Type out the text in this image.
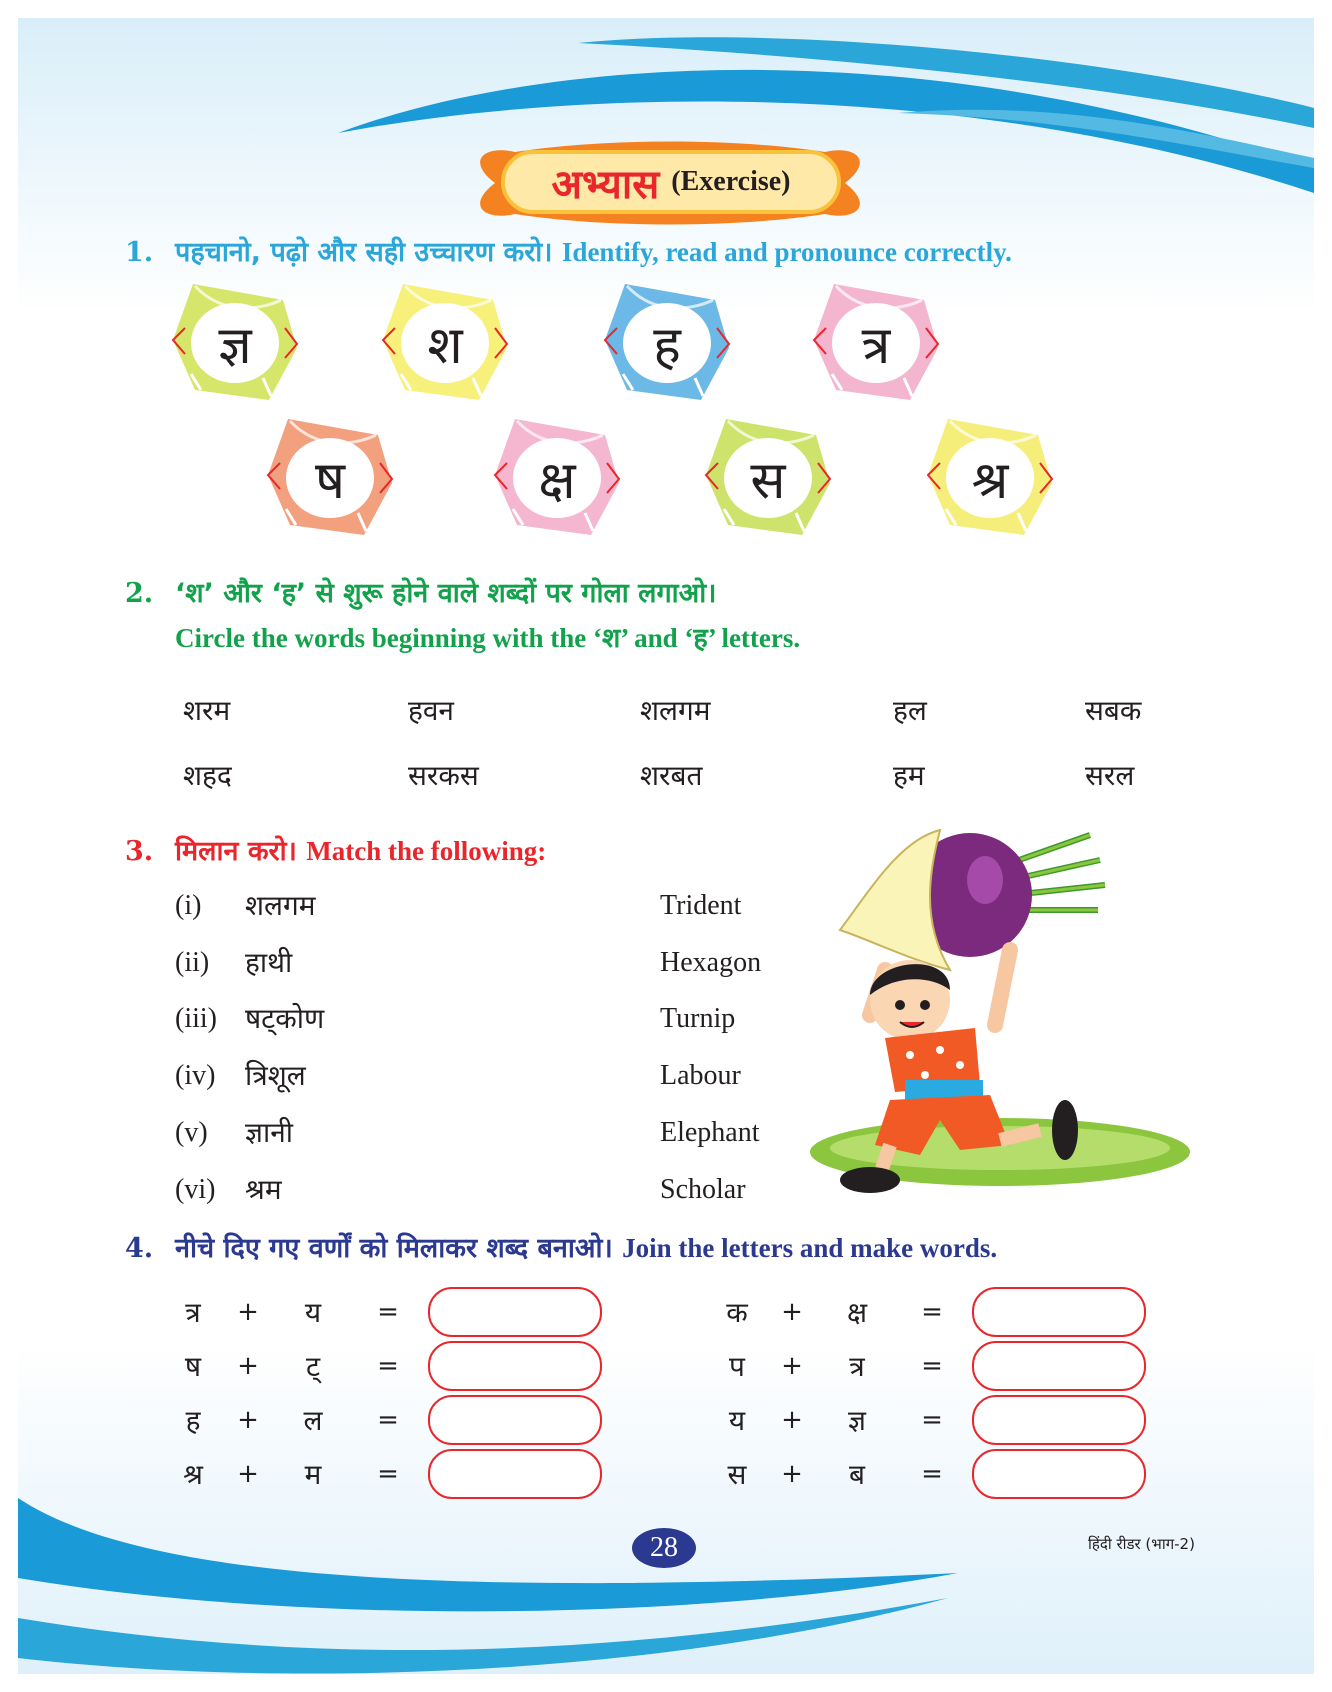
अभ्यास (Exercise)
1. पहचानो, पढ़ो और सही उच्चारण करो। Identify, read and pronounce correctly.
ज्ञ	श	ह	त्र
ष	क्ष	स	श्र
2. ‘श’ और ‘ह’ से शुरू होने वाले शब्दों पर गोला लगाओ।
Circle the words beginning with the ‘श’ and ‘ह’ letters.
शरम	हवन	शलगम	हल	सबक
शहद	सरकस	शरबत	हम	सरल
3. मिलान करो। Match the following:
(i) शलगम	Trident
(ii) हाथी	Hexagon
(iii) षट्कोण	Turnip
(iv) त्रिशूल	Labour
(v) ज्ञानी	Elephant
(vi) श्रम	Scholar
4. नीचे दिए गए वर्णों को मिलाकर शब्द बनाओ। Join the letters and make words.
त्र	+	य	=
ष	+	ट्	=
ह	+	ल	=
श्र	+	म	=
क	+	क्ष	=
प	+	त्र	=
य	+	ज्ञ	=
स	+	ब	=
28	हिंदी रीडर (भाग-2)
